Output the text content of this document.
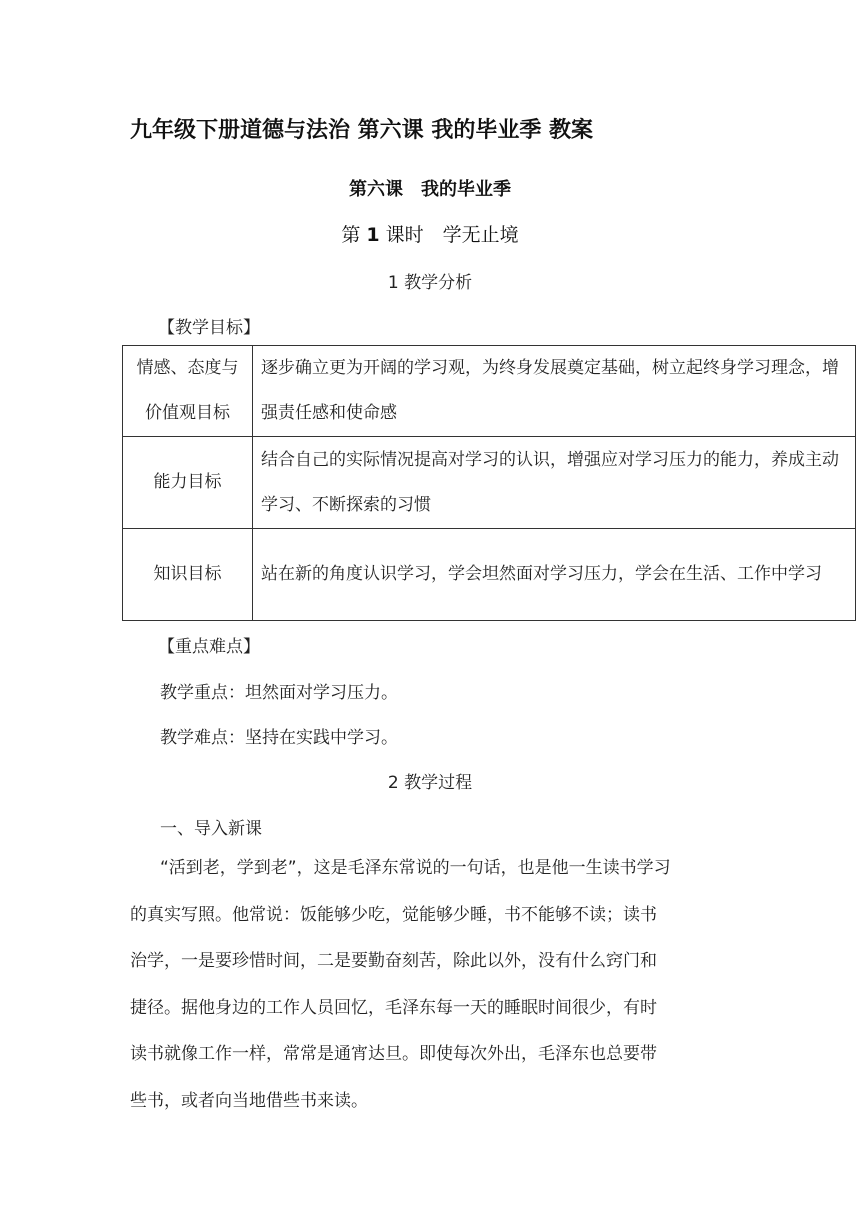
九年级下册道德与法治 第六课 我的毕业季 教案
第六课　我的毕业季
第 1 课时　学无止境
1 教学分析
【教学目标】
情感、态度与
价值观目标	逐步确立更为开阔的学习观，为终身发展奠定基础，树立起终身学习理念，增强责任感和使命感

能力目标	结合自己的实际情况提高对学习的认识，增强应对学习压力的能力，养成主动学习、不断探索的习惯

知识目标	站在新的角度认识学习，学会坦然面对学习压力，学会在生活、工作中学习
【重点难点】
教学重点：坦然面对学习压力。
教学难点：坚持在实践中学习。
2 教学过程
一、导入新课
“活到老，学到老”，这是毛泽东常说的一句话，也是他一生读书学习
的真实写照。他常说：饭能够少吃，觉能够少睡，书不能够不读；读书
治学，一是要珍惜时间，二是要勤奋刻苦，除此以外，没有什么窍门和
捷径。据他身边的工作人员回忆，毛泽东每一天的睡眠时间很少，有时
读书就像工作一样，常常是通宵达旦。即使每次外出，毛泽东也总要带
些书，或者向当地借些书来读。
